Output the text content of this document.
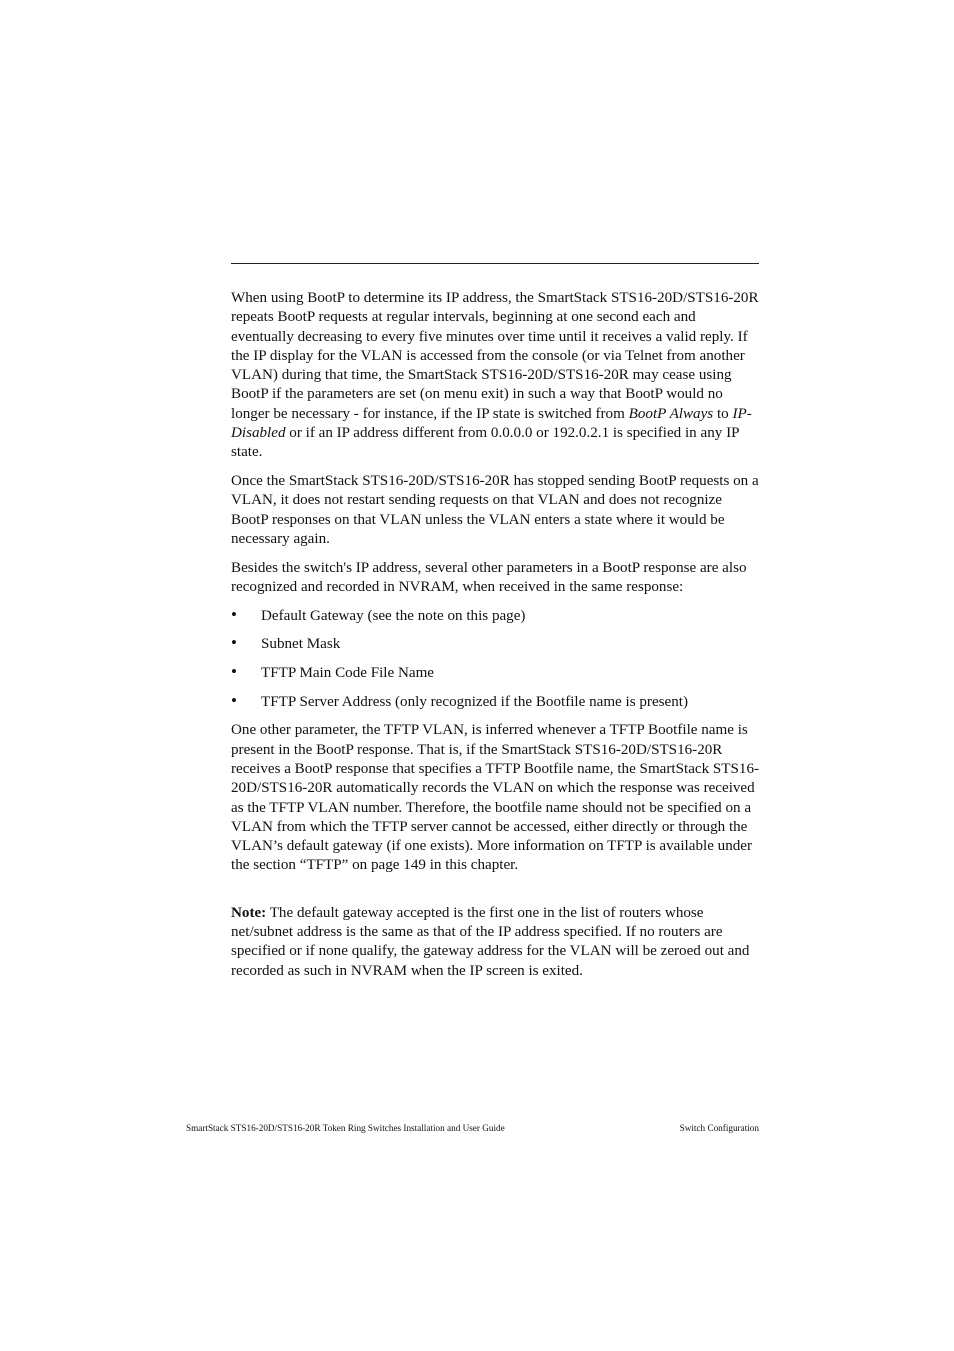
When using BootP to determine its IP address, the SmartStack STS16-20D/STS16-20R repeats BootP requests at regular intervals, beginning at one second each and eventually decreasing to every five minutes over time until it receives a valid reply. If the IP display for the VLAN is accessed from the console (or via Telnet from another VLAN) during that time, the SmartStack STS16-20D/STS16-20R may cease using BootP if the parameters are set (on menu exit) in such a way that BootP would no longer be necessary - for instance, if the IP state is switched from BootP Always to IP-Disabled or if an IP address different from 0.0.0.0 or 192.0.2.1 is specified in any IP state.

Once the SmartStack STS16-20D/STS16-20R has stopped sending BootP requests on a VLAN, it does not restart sending requests on that VLAN and does not recognize BootP responses on that VLAN unless the VLAN enters a state where it would be necessary again.

Besides the switch's IP address, several other parameters in a BootP response are also recognized and recorded in NVRAM, when received in the same response:

• Default Gateway (see the note on this page)
• Subnet Mask
• TFTP Main Code File Name
• TFTP Server Address (only recognized if the Bootfile name is present)

One other parameter, the TFTP VLAN, is inferred whenever a TFTP Bootfile name is present in the BootP response. That is, if the SmartStack STS16-20D/STS16-20R receives a BootP response that specifies a TFTP Bootfile name, the SmartStack STS16-20D/STS16-20R automatically records the VLAN on which the response was received as the TFTP VLAN number. Therefore, the bootfile name should not be specified on a VLAN from which the TFTP server cannot be accessed, either directly or through the VLAN’s default gateway (if one exists). More information on TFTP is available under the section “TFTP” on page 149 in this chapter.

Note: The default gateway accepted is the first one in the list of routers whose net/subnet address is the same as that of the IP address specified. If no routers are specified or if none qualify, the gateway address for the VLAN will be zeroed out and recorded as such in NVRAM when the IP screen is exited.

SmartStack STS16-20D/STS16-20R Token Ring Switches Installation and User Guide	Switch Configuration
